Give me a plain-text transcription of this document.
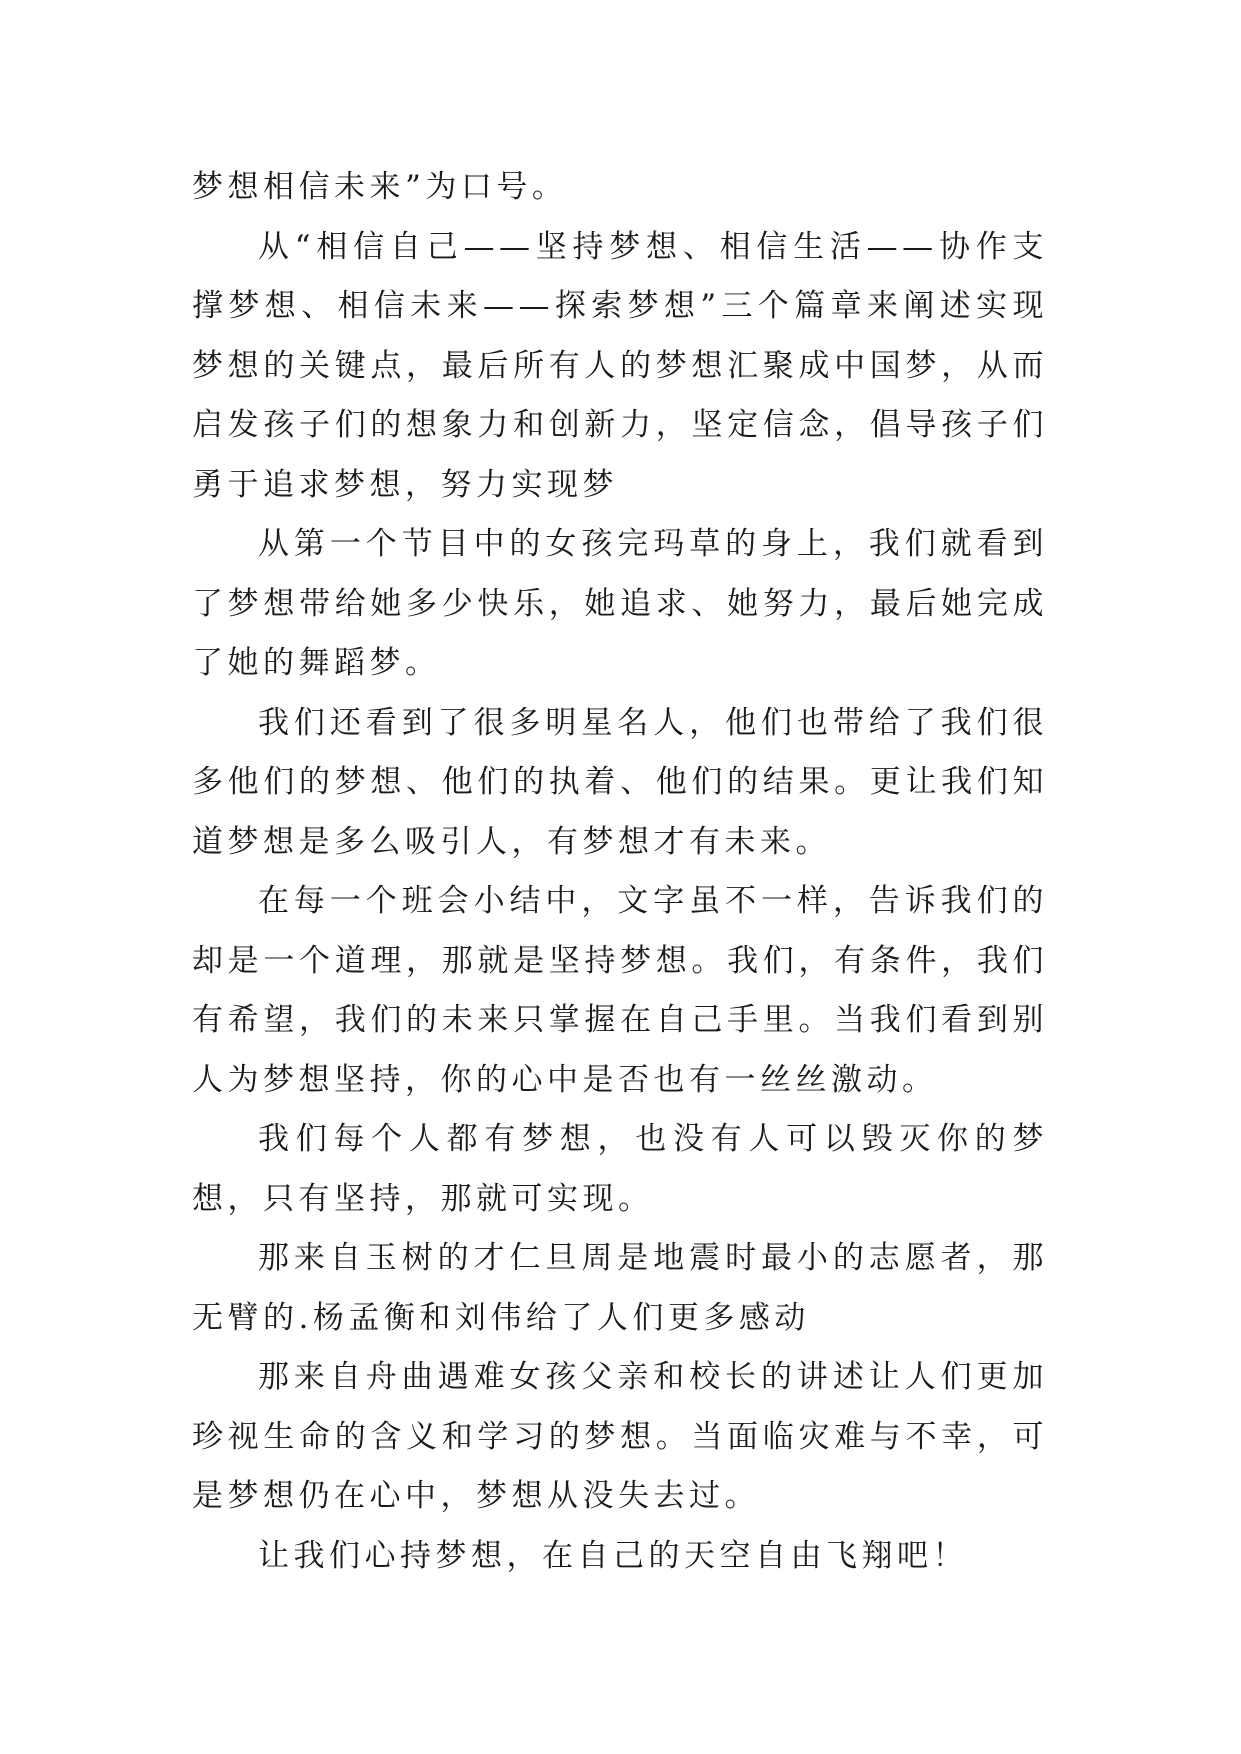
梦想相信未来”为口号。

从“相信自己——坚持梦想、相信生活——协作支撑梦想、相信未来——探索梦想”三个篇章来阐述实现梦想的关键点，最后所有人的梦想汇聚成中国梦，从而启发孩子们的想象力和创新力，坚定信念，倡导孩子们勇于追求梦想，努力实现梦

从第一个节目中的女孩完玛草的身上，我们就看到了梦想带给她多少快乐，她追求、她努力，最后她完成了她的舞蹈梦。

我们还看到了很多明星名人，他们也带给了我们很多他们的梦想、他们的执着、他们的结果。更让我们知道梦想是多么吸引人，有梦想才有未来。

在每一个班会小结中，文字虽不一样，告诉我们的却是一个道理，那就是坚持梦想。我们，有条件，我们有希望，我们的未来只掌握在自己手里。当我们看到别人为梦想坚持，你的心中是否也有一丝丝激动。

我们每个人都有梦想，也没有人可以毁灭你的梦想，只有坚持，那就可实现。

那来自玉树的才仁旦周是地震时最小的志愿者，那无臂的.杨孟衡和刘伟给了人们更多感动

那来自舟曲遇难女孩父亲和校长的讲述让人们更加珍视生命的含义和学习的梦想。当面临灾难与不幸，可是梦想仍在心中，梦想从没失去过。

让我们心持梦想，在自己的天空自由飞翔吧！
